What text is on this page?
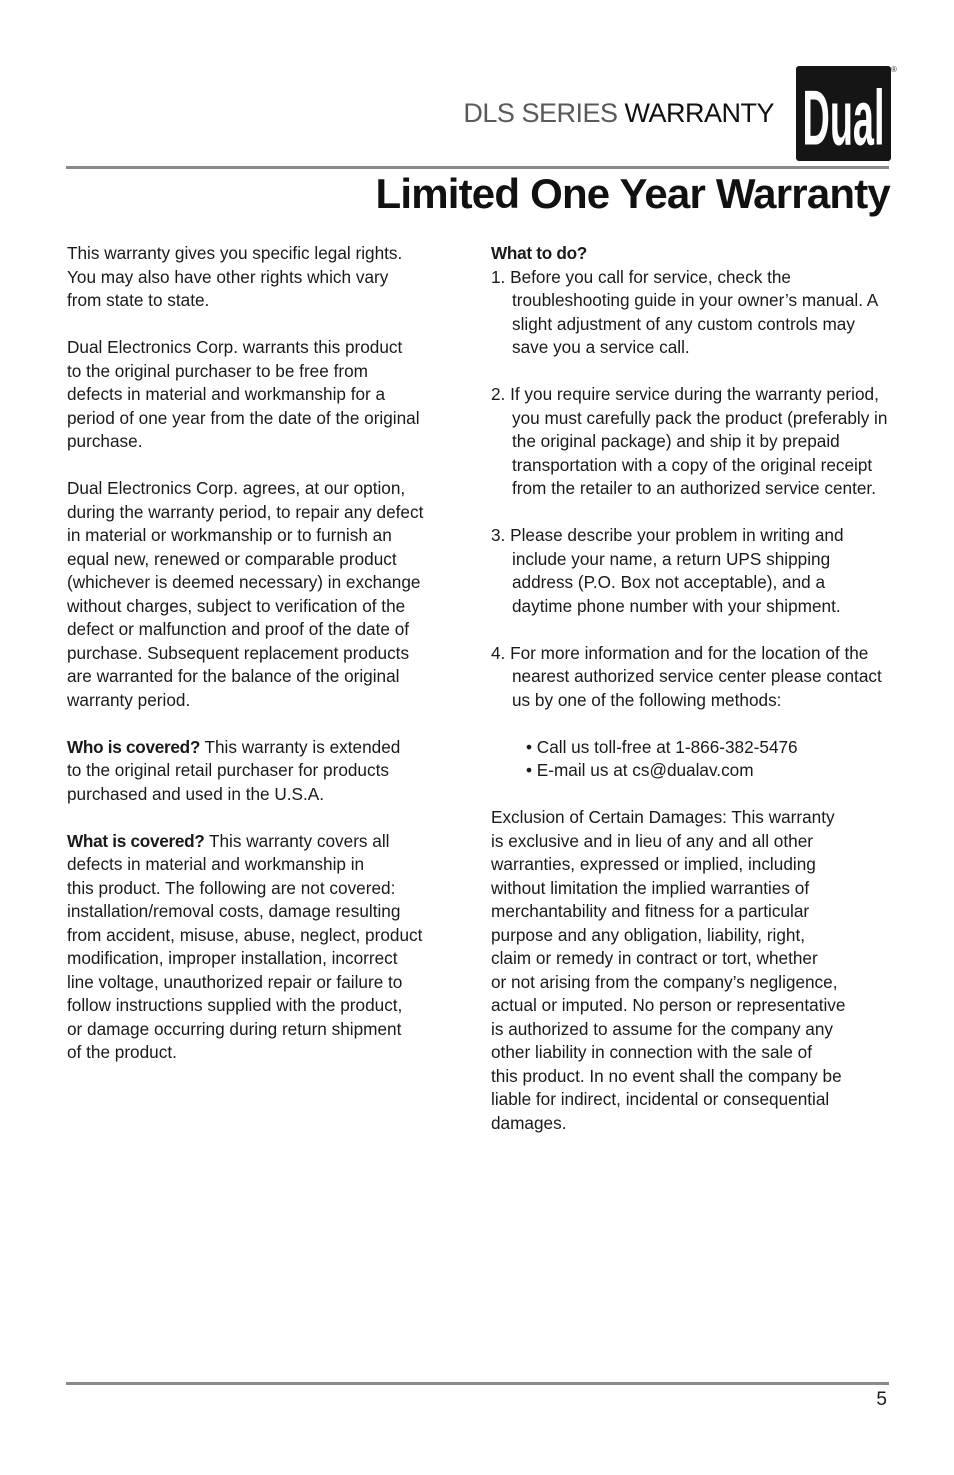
DLS SERIES WARRANTY Dual
®
Limited One Year Warranty

This warranty gives you specific legal rights.
You may also have other rights which vary
from state to state.

Dual Electronics Corp. warrants this product
to the original purchaser to be free from
defects in material and workmanship for a
period of one year from the date of the original
purchase.

Dual Electronics Corp. agrees, at our option,
during the warranty period, to repair any defect
in material or workmanship or to furnish an
equal new, renewed or comparable product
(whichever is deemed necessary) in exchange
without charges, subject to verification of the
defect or malfunction and proof of the date of
purchase. Subsequent replacement products
are warranted for the balance of the original
warranty period.

Who is covered? This warranty is extended
to the original retail purchaser for products
purchased and used in the U.S.A.

What is covered? This warranty covers all
defects in material and workmanship in
this product. The following are not covered:
installation/removal costs, damage resulting
from accident, misuse, abuse, neglect, product
modification, improper installation, incorrect
line voltage, unauthorized repair or failure to
follow instructions supplied with the product,
or damage occurring during return shipment
of the product.

What to do?
1. Before you call for service, check the troubleshooting guide in your owner’s manual. A slight adjustment of any custom controls may save you a service call.
2. If you require service during the warranty period, you must carefully pack the product (preferably in the original package) and ship it by prepaid transportation with a copy of the original receipt from the retailer to an authorized service center.
3. Please describe your problem in writing and include your name, a return UPS shipping address (P.O. Box not acceptable), and a daytime phone number with your shipment.
4. For more information and for the location of the nearest authorized service center please contact us by one of the following methods:
• Call us toll-free at 1-866-382-5476
• E-mail us at cs@dualav.com

Exclusion of Certain Damages: This warranty
is exclusive and in lieu of any and all other
warranties, expressed or implied, including
without limitation the implied warranties of
merchantability and fitness for a particular
purpose and any obligation, liability, right,
claim or remedy in contract or tort, whether
or not arising from the company’s negligence,
actual or imputed. No person or representative
is authorized to assume for the company any
other liability in connection with the sale of
this product. In no event shall the company be
liable for indirect, incidental or consequential
damages.

5
